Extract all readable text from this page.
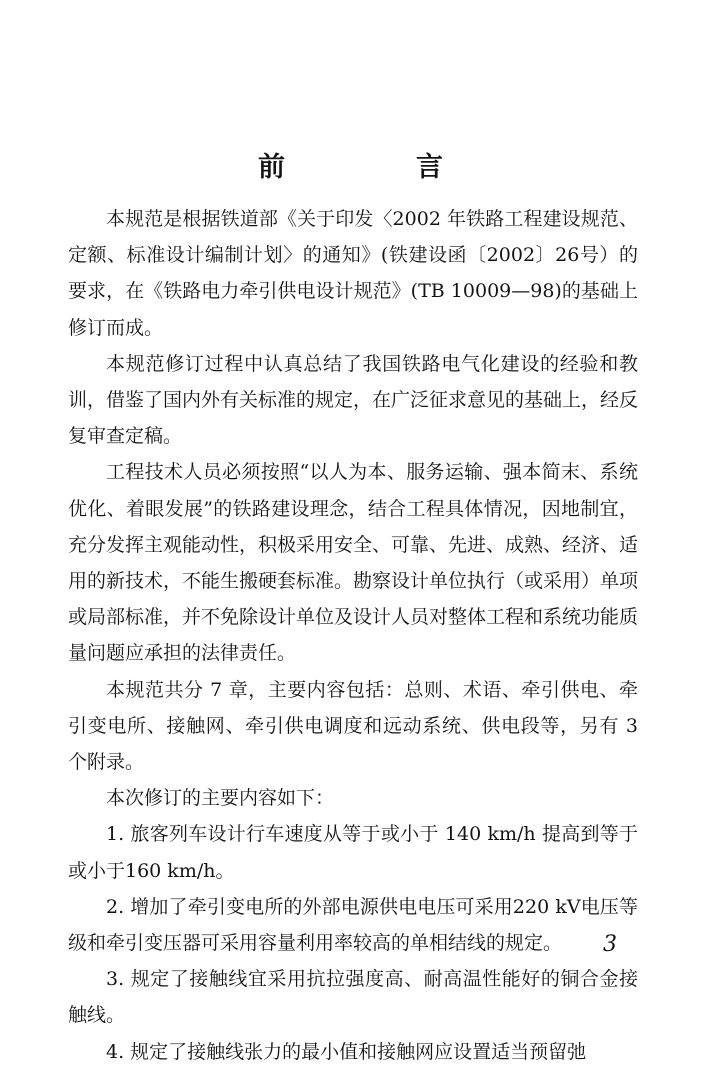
前　言

本规范是根据铁道部《关于印发〈2002 年铁路工程建设规范、定额、标准设计编制计划〉的通知》(铁建设函〔2002〕26号）的要求，在《铁路电力牵引供电设计规范》(TB 10009—98)的基础上修订而成。

本规范修订过程中认真总结了我国铁路电气化建设的经验和教训，借鉴了国内外有关标准的规定，在广泛征求意见的基础上，经反复审查定稿。

工程技术人员必须按照“以人为本、服务运输、强本简末、系统优化、着眼发展”的铁路建设理念，结合工程具体情况，因地制宜，充分发挥主观能动性，积极采用安全、可靠、先进、成熟、经济、适用的新技术，不能生搬硬套标准。勘察设计单位执行（或采用）单项或局部标准，并不免除设计单位及设计人员对整体工程和系统功能质量问题应承担的法律责任。

本规范共分 7 章，主要内容包括：总则、术语、牵引供电、牵引变电所、接触网、牵引供电调度和远动系统、供电段等，另有 3 个附录。

本次修订的主要内容如下：

1. 旅客列车设计行车速度从等于或小于 140 km/h 提高到等于或小于160 km/h。

2. 增加了牵引变电所的外部电源供电电压可采用220 kV电压等级和牵引变压器可采用容量利用率较高的单相结线的规定。

3. 规定了接触线宜采用抗拉强度高、耐高温性能好的铜合金接触线。

4. 规定了接触线张力的最小值和接触网应设置适当预留弛

3
